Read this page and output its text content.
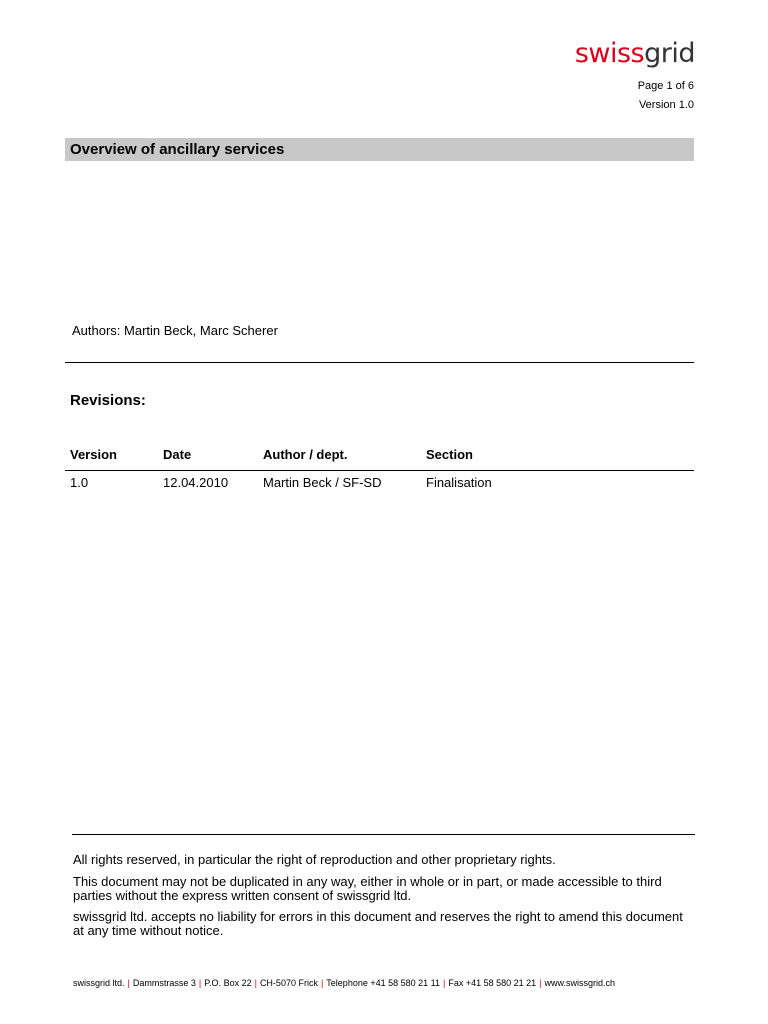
swissgrid
Page 1 of 6
Version 1.0
Overview of ancillary services
Authors: Martin Beck, Marc Scherer
Revisions:
Version	Date	Author / dept.	Section
1.0	12.04.2010	Martin Beck / SF-SD	Finalisation
All rights reserved, in particular the right of reproduction and other proprietary rights.
This document may not be duplicated in any way, either in whole or in part, or made accessible to third parties without the express written consent of swissgrid ltd.
swissgrid ltd. accepts no liability for errors in this document and reserves the right to amend this document at any time without notice.
swissgrid ltd. | Dammstrasse 3 | P.O. Box 22 | CH-5070 Frick | Telephone +41 58 580 21 11 | Fax +41 58 580 21 21 | www.swissgrid.ch
